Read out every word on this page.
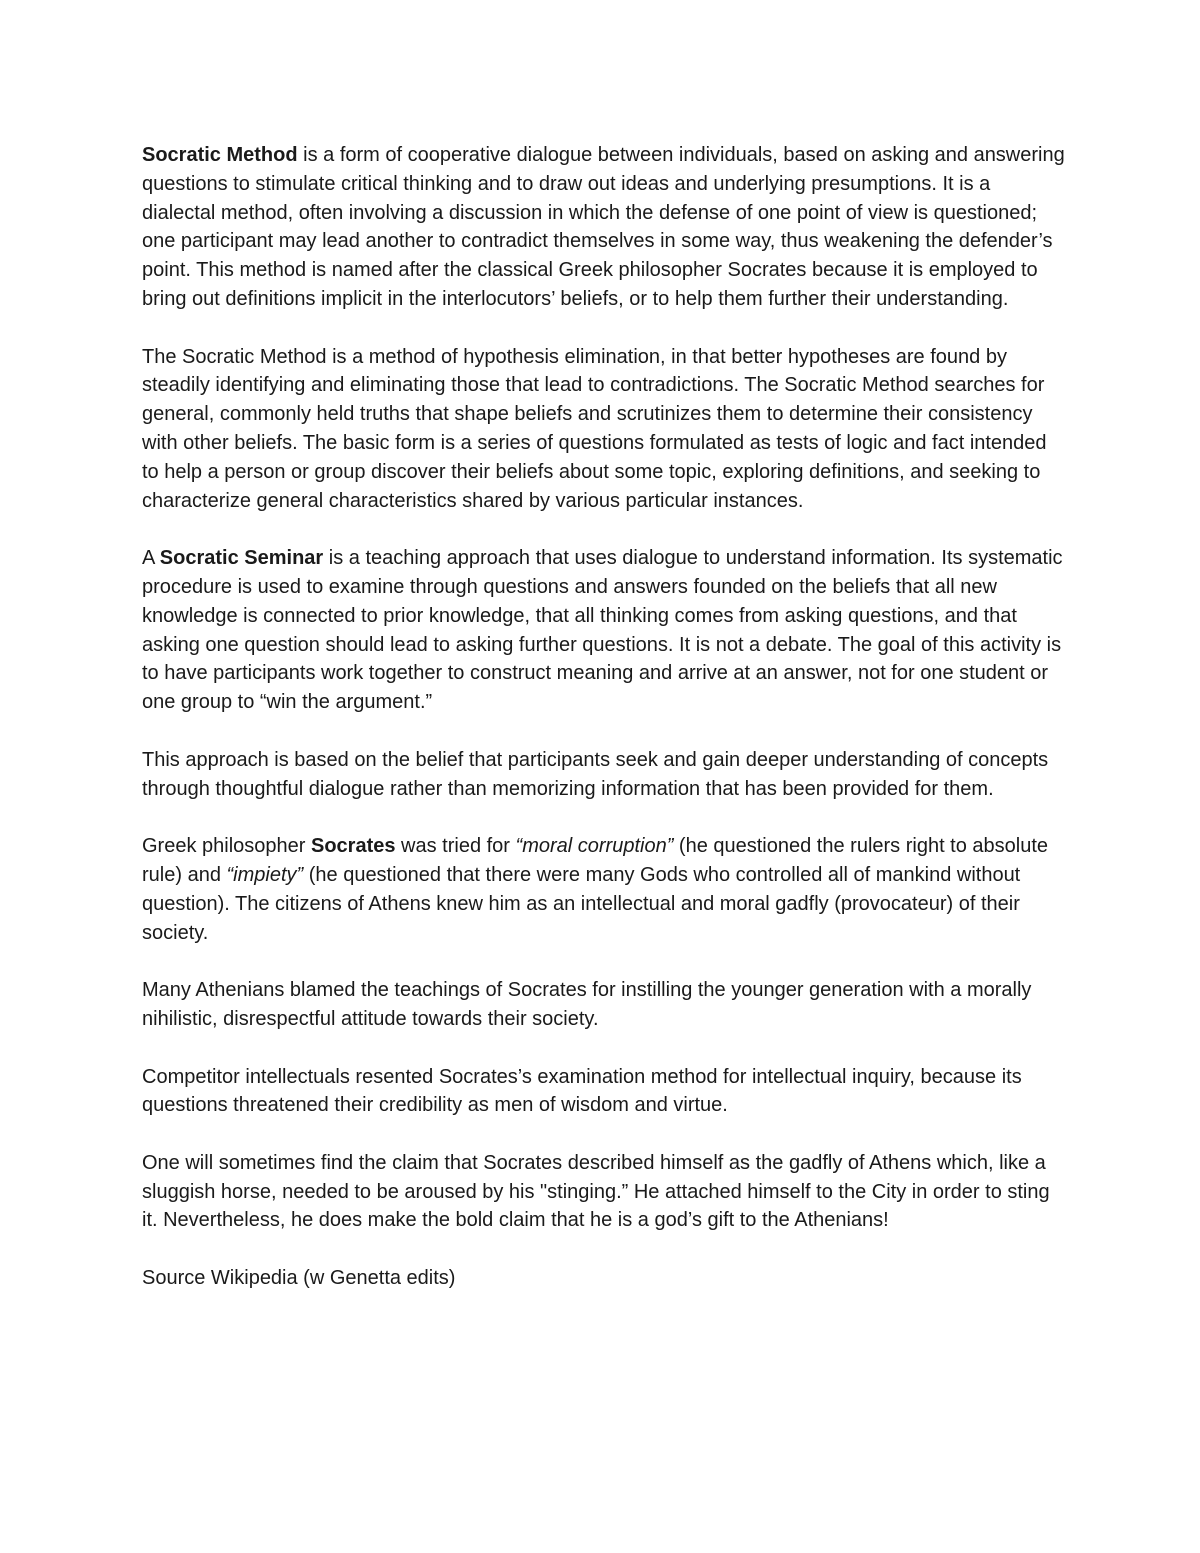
Socratic Method is a form of cooperative dialogue between individuals, based on asking and answering questions to stimulate critical thinking and to draw out ideas and underlying presumptions. It is a dialectal method, often involving a discussion in which the defense of one point of view is questioned; one participant may lead another to contradict themselves in some way, thus weakening the defender’s point. This method is named after the classical Greek philosopher Socrates because it is employed to bring out definitions implicit in the interlocutors’ beliefs, or to help them further their understanding.

The Socratic Method is a method of hypothesis elimination, in that better hypotheses are found by steadily identifying and eliminating those that lead to contradictions. The Socratic Method searches for general, commonly held truths that shape beliefs and scrutinizes them to determine their consistency with other beliefs. The basic form is a series of questions formulated as tests of logic and fact intended to help a person or group discover their beliefs about some topic, exploring definitions, and seeking to characterize general characteristics shared by various particular instances.

A Socratic Seminar is a teaching approach that uses dialogue to understand information. Its systematic procedure is used to examine through questions and answers founded on the beliefs that all new knowledge is connected to prior knowledge, that all thinking comes from asking questions, and that asking one question should lead to asking further questions. It is not a debate. The goal of this activity is to have participants work together to construct meaning and arrive at an answer, not for one student or one group to “win the argument.”

This approach is based on the belief that participants seek and gain deeper understanding of concepts through thoughtful dialogue rather than memorizing information that has been provided for them.

Greek philosopher Socrates was tried for “moral corruption” (he questioned the rulers right to absolute rule) and “impiety” (he questioned that there were many Gods who controlled all of mankind without question). The citizens of Athens knew him as an intellectual and moral gadfly (provocateur) of their society.

Many Athenians blamed the teachings of Socrates for instilling the younger generation with a morally nihilistic, disrespectful attitude towards their society.

Competitor intellectuals resented Socrates’s examination method for intellectual inquiry, because its questions threatened their credibility as men of wisdom and virtue.

One will sometimes find the claim that Socrates described himself as the gadfly of Athens which, like a sluggish horse, needed to be aroused by his "stinging.” He attached himself to the City in order to sting it. Nevertheless, he does make the bold claim that he is a god’s gift to the Athenians!

Source Wikipedia (w Genetta edits)
